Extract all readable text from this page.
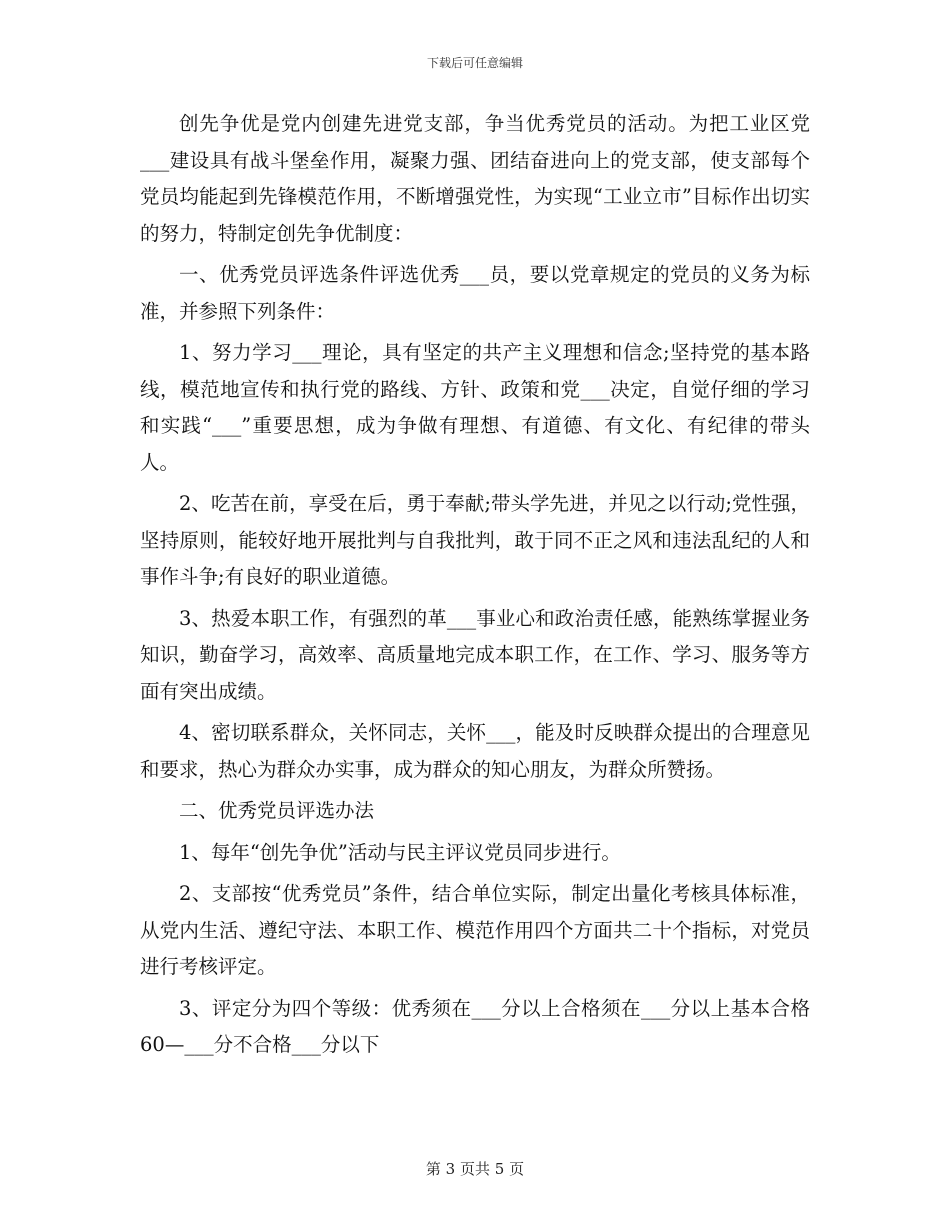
下载后可任意编辑

创先争优是党内创建先进党支部，争当优秀党员的活动。为把工业区党___建设具有战斗堡垒作用，凝聚力强、团结奋进向上的党支部，使支部每个党员均能起到先锋模范作用，不断增强党性，为实现“工业立市”目标作出切实的努力，特制定创先争优制度：

一、优秀党员评选条件评选优秀___员，要以党章规定的党员的义务为标准，并参照下列条件：

1、努力学习___理论，具有坚定的共产主义理想和信念;坚持党的基本路线，模范地宣传和执行党的路线、方针、政策和党___决定，自觉仔细的学习和实践“___”重要思想，成为争做有理想、有道德、有文化、有纪律的带头人。

2、吃苦在前，享受在后，勇于奉献;带头学先进，并见之以行动;党性强，坚持原则，能较好地开展批判与自我批判，敢于同不正之风和违法乱纪的人和事作斗争;有良好的职业道德。

3、热爱本职工作，有强烈的革___事业心和政治责任感，能熟练掌握业务知识，勤奋学习，高效率、高质量地完成本职工作，在工作、学习、服务等方面有突出成绩。

4、密切联系群众，关怀同志，关怀___，能及时反映群众提出的合理意见和要求，热心为群众办实事，成为群众的知心朋友，为群众所赞扬。

二、优秀党员评选办法

1、每年“创先争优”活动与民主评议党员同步进行。

2、支部按“优秀党员”条件，结合单位实际，制定出量化考核具体标准，从党内生活、遵纪守法、本职工作、模范作用四个方面共二十个指标，对党员进行考核评定。

3、评定分为四个等级：优秀须在___分以上合格须在___分以上基本合格60—___分不合格___分以下

第 3 页共 5 页
